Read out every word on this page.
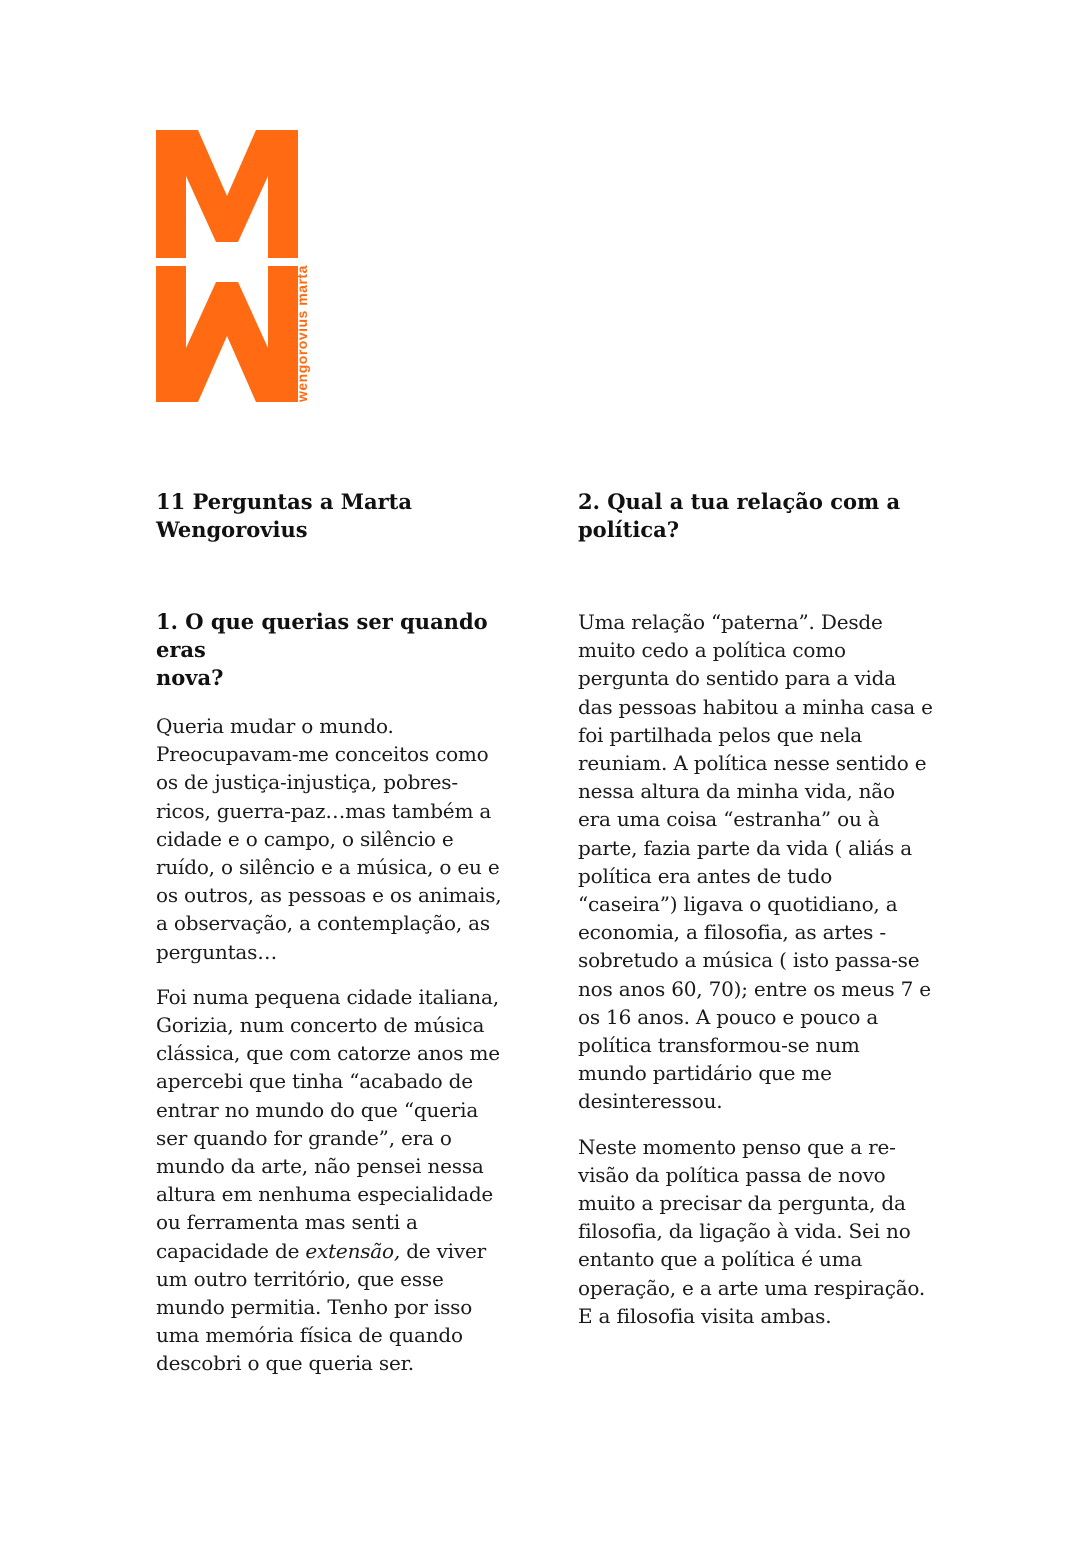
wengorovius marta
11 Perguntas a Marta
Wengorovius
1. O que querias ser quando eras
nova?

Queria mudar o mundo.
Preocupavam-me conceitos como
os de justiça-injustiça, pobres-
ricos, guerra-paz…mas também a
cidade e o campo, o silêncio e
ruído, o silêncio e a música, o eu e
os outros, as pessoas e os animais,
a observação, a contemplação, as
perguntas…

Foi numa pequena cidade italiana,
Gorizia, num concerto de música
clássica, que com catorze anos me
apercebi que tinha “acabado de
entrar no mundo do que “queria
ser quando for grande”, era o
mundo da arte, não pensei nessa
altura em nenhuma especialidade
ou ferramenta mas senti a
capacidade de extensão, de viver
um outro território, que esse
mundo permitia. Tenho por isso
uma memória física de quando
descobri o que queria ser.

2. Qual a tua relação com a
política?

Uma relação “paterna”. Desde
muito cedo a política como
pergunta do sentido para a vida
das pessoas habitou a minha casa e
foi partilhada pelos que nela
reuniam. A política nesse sentido e
nessa altura da minha vida, não
era uma coisa “estranha” ou à
parte, fazia parte da vida ( aliás a
política era antes de tudo
“caseira”) ligava o quotidiano, a
economia, a filosofia, as artes -
sobretudo a música ( isto passa-se
nos anos 60, 70); entre os meus 7 e
os 16 anos. A pouco e pouco a
política transformou-se num
mundo partidário que me
desinteressou.

Neste momento penso que a re-
visão da política passa de novo
muito a precisar da pergunta, da
filosofia, da ligação à vida. Sei no
entanto que a política é uma
operação, e a arte uma respiração.
E a filosofia visita ambas.
